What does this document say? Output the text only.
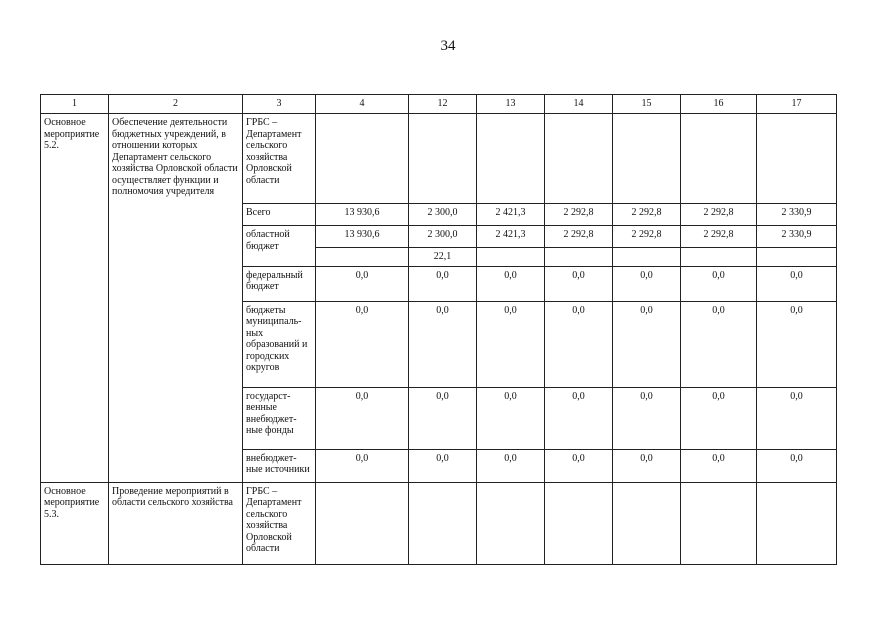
34
1	2	3	4	12	13	14	15	16	17
Основное мероприятие 5.2.	Обеспечение деятельности бюджетных учреждений, в отношении которых Департамент сельского хозяйства Орловской области осуществляет функции и полномочия учредителя	ГРБС – Департамент сельского хозяйства Орловской области							
		Всего	13 930,6	2 300,0	2 421,3	2 292,8	2 292,8	2 292,8	2 330,9
		областной бюджет	13 930,6	2 300,0	2 421,3	2 292,8	2 292,8	2 292,8	2 330,9
				22,1					
		федеральный бюджет	0,0	0,0	0,0	0,0	0,0	0,0	0,0
		бюджеты муниципаль-ных образований и городских округов	0,0	0,0	0,0	0,0	0,0	0,0	0,0
		государст-венные внебюджет-ные фонды	0,0	0,0	0,0	0,0	0,0	0,0	0,0
		внебюджет-ные источники	0,0	0,0	0,0	0,0	0,0	0,0	0,0
Основное мероприятие 5.3.	Проведение мероприятий в области сельского хозяйства	ГРБС – Департамент сельского хозяйства Орловской области							
